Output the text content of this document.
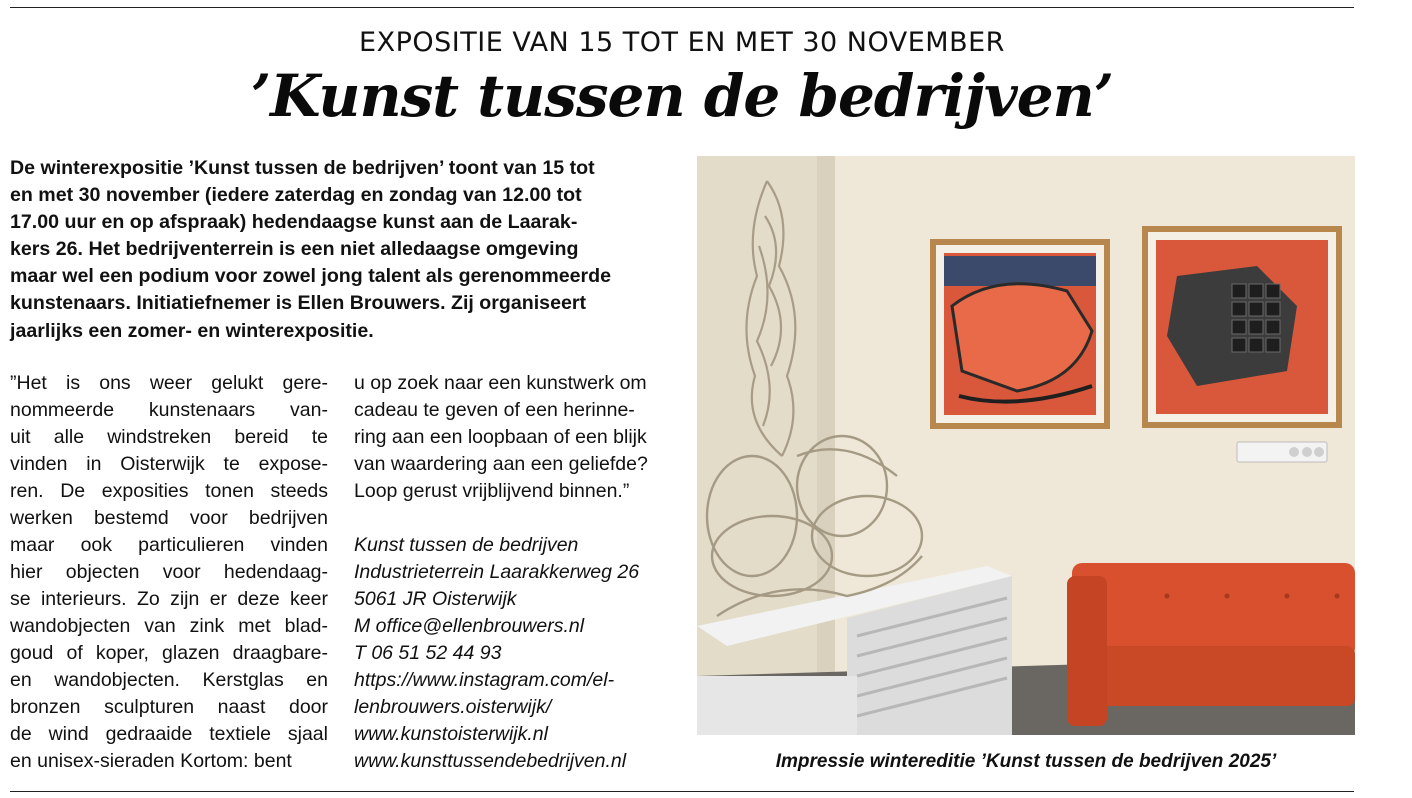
EXPOSITIE VAN 15 TOT EN MET 30 NOVEMBER
’Kunst tussen de bedrijven’
De winterexpositie ’Kunst tussen de bedrijven’ toont van 15 tot
en met 30 november (iedere zaterdag en zondag van 12.00 tot
17.00 uur en op afspraak) hedendaagse kunst aan de Laarak-
kers 26. Het bedrijventerrein is een niet alledaagse omgeving
maar wel een podium voor zowel jong talent als gerenommeerde
kunstenaars. Initiatiefnemer is Ellen Brouwers. Zij organiseert
jaarlijks een zomer- en winterexpositie.
”Het is ons weer gelukt gere-
nommeerde kunstenaars van-
uit alle windstreken bereid te
vinden in Oisterwijk te expose-
ren. De exposities tonen steeds
werken bestemd voor bedrijven
maar ook particulieren vinden
hier objecten voor hedendaag-
se interieurs. Zo zijn er deze keer
wandobjecten van zink met blad-
goud of koper, glazen draagbare-
en wandobjecten. Kerstglas en
bronzen sculpturen naast door
de wind gedraaide textiele sjaal
en unisex-sieraden Kortom: bent
u op zoek naar een kunstwerk om
cadeau te geven of een herinne-
ring aan een loopbaan of een blijk
van waardering aan een geliefde?
Loop gerust vrijblijvend binnen.”
Kunst tussen de bedrijven
Industrieterrein Laarakkerweg 26
5061 JR Oisterwijk
M office@ellenbrouwers.nl
T 06 51 52 44 93
https://www.instagram.com/el-
lenbrouwers.oisterwijk/
www.kunstoisterwijk.nl
www.kunsttussendebedrijven.nl	Impressie wintereditie ’Kunst tussen de bedrijven 2025’
